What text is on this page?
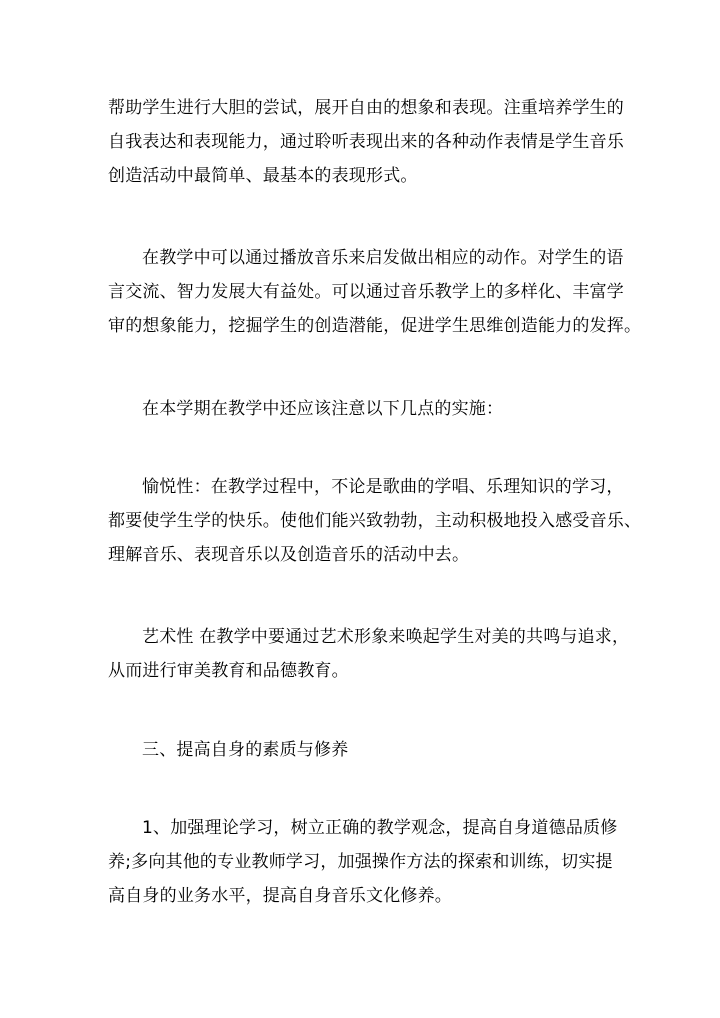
帮助学生进行大胆的尝试，展开自由的想象和表现。注重培养学生的
自我表达和表现能力，通过聆听表现出来的各种动作表情是学生音乐
创造活动中最简单、最基本的表现形式。

在教学中可以通过播放音乐来启发做出相应的动作。对学生的语
言交流、智力发展大有益处。可以通过音乐教学上的多样化、丰富学
审的想象能力，挖掘学生的创造潜能，促进学生思维创造能力的发挥。

在本学期在教学中还应该注意以下几点的实施：

愉悦性：在教学过程中，不论是歌曲的学唱、乐理知识的学习，
都要使学生学的快乐。使他们能兴致勃勃，主动积极地投入感受音乐、
理解音乐、表现音乐以及创造音乐的活动中去。

艺术性 在教学中要通过艺术形象来唤起学生对美的共鸣与追求，
从而进行审美教育和品德教育。

三、提高自身的素质与修养

1、加强理论学习，树立正确的教学观念，提高自身道德品质修
养;多向其他的专业教师学习，加强操作方法的探索和训练，切实提
高自身的业务水平，提高自身音乐文化修养。
